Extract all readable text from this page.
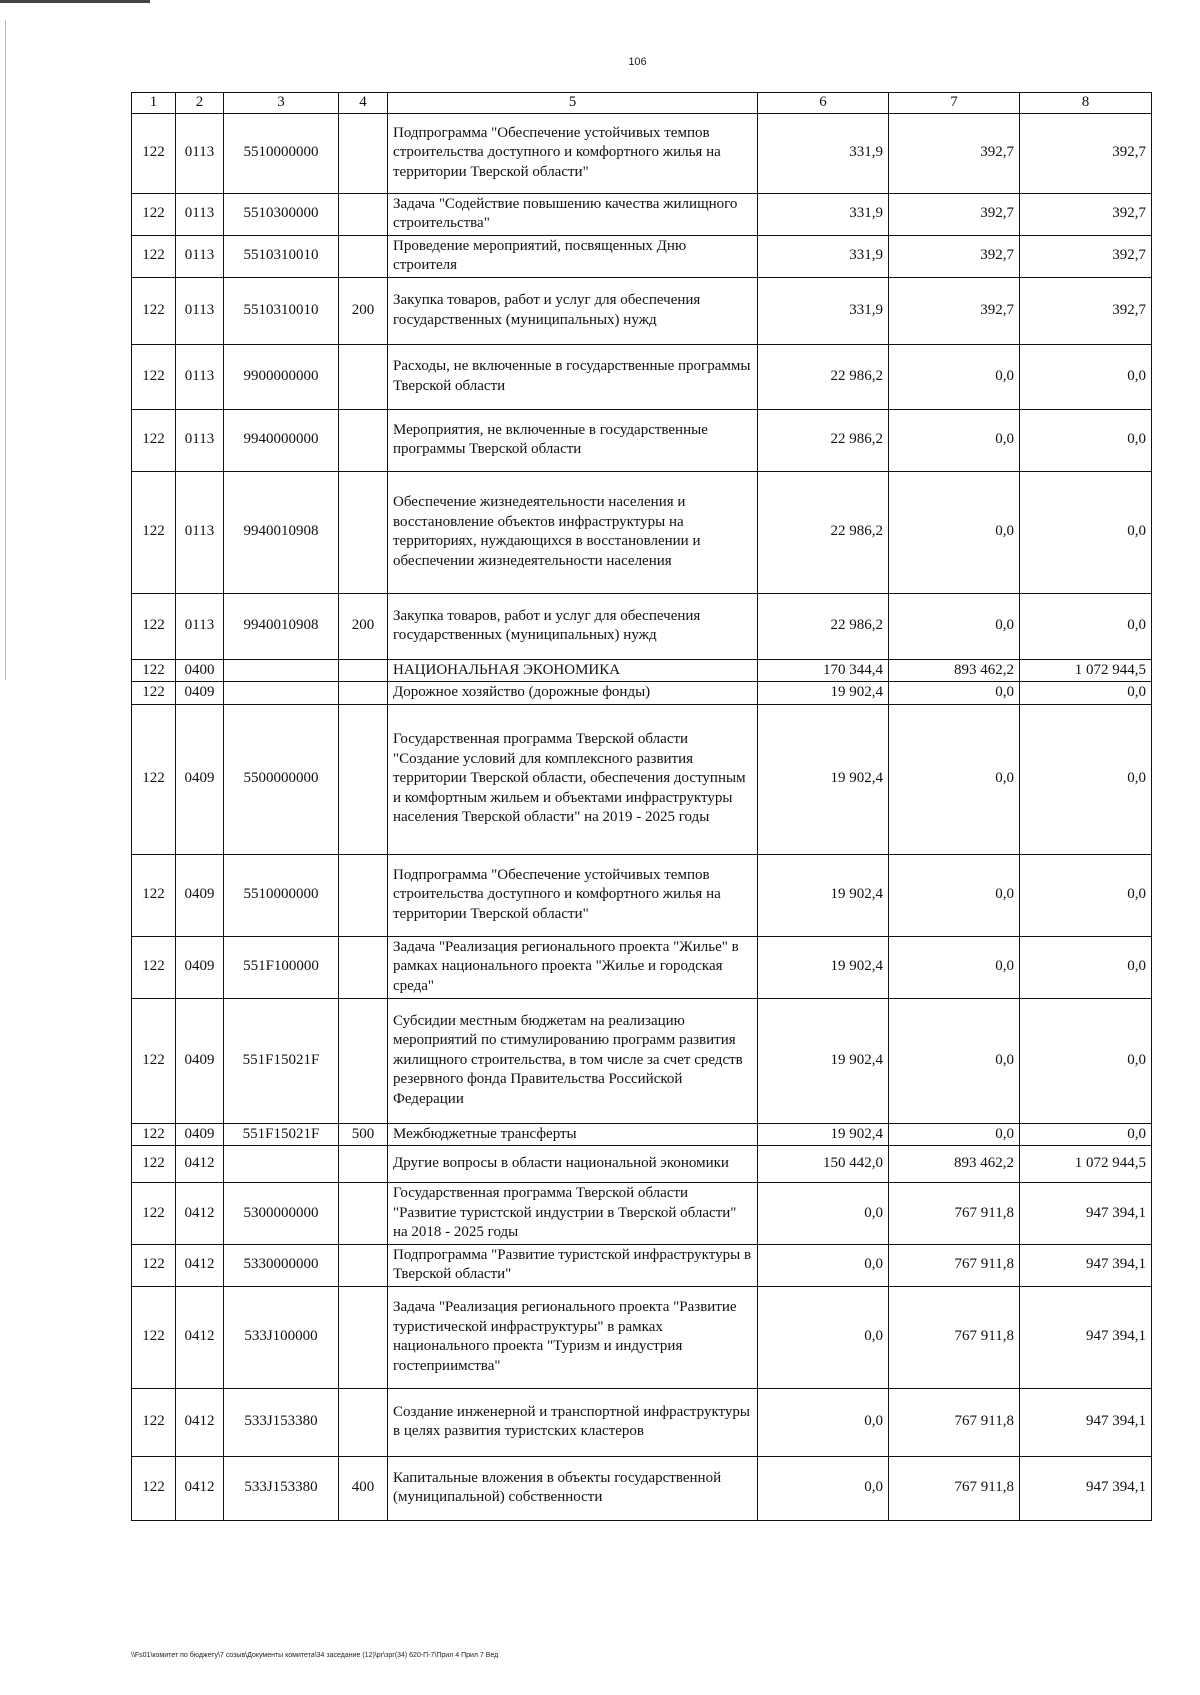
106
1	2	3	4	5	6	7	8
122	0113	5510000000		Подпрограмма "Обеспечение устойчивых темпов строительства доступного и комфортного жилья на территории Тверской области"	331,9	392,7	392,7
122	0113	5510300000		Задача "Содействие повышению качества жилищного строительства"	331,9	392,7	392,7
122	0113	5510310010		Проведение мероприятий, посвященных Дню строителя	331,9	392,7	392,7
122	0113	5510310010	200	Закупка товаров, работ и услуг для обеспечения государственных (муниципальных) нужд	331,9	392,7	392,7
122	0113	9900000000		Расходы, не включенные в государственные программы Тверской области	22 986,2	0,0	0,0
122	0113	9940000000		Мероприятия, не включенные в государственные программы Тверской области	22 986,2	0,0	0,0
122	0113	9940010908		Обеспечение жизнедеятельности населения и восстановление объектов инфраструктуры на территориях, нуждающихся в восстановлении и обеспечении жизнедеятельности населения	22 986,2	0,0	0,0
122	0113	9940010908	200	Закупка товаров, работ и услуг для обеспечения государственных (муниципальных) нужд	22 986,2	0,0	0,0
122	0400			НАЦИОНАЛЬНАЯ ЭКОНОМИКА	170 344,4	893 462,2	1 072 944,5
122	0409			Дорожное хозяйство (дорожные фонды)	19 902,4	0,0	0,0
122	0409	5500000000		Государственная программа Тверской области "Создание условий для комплексного развития территории Тверской области, обеспечения доступным и комфортным жильем и объектами инфраструктуры населения Тверской области" на 2019 - 2025 годы	19 902,4	0,0	0,0
122	0409	5510000000		Подпрограмма "Обеспечение устойчивых темпов строительства доступного и комфортного жилья на территории Тверской области"	19 902,4	0,0	0,0
122	0409	551F100000		Задача "Реализация регионального проекта "Жилье" в рамках национального проекта "Жилье и городская среда"	19 902,4	0,0	0,0
122	0409	551F15021F		Субсидии местным бюджетам на реализацию мероприятий по стимулированию программ развития жилищного строительства, в том числе за счет средств резервного фонда Правительства Российской Федерации	19 902,4	0,0	0,0
122	0409	551F15021F	500	Межбюджетные трансферты	19 902,4	0,0	0,0
122	0412			Другие вопросы в области национальной экономики	150 442,0	893 462,2	1 072 944,5
122	0412	5300000000		Государственная программа Тверской области "Развитие туристской индустрии в Тверской области" на 2018 - 2025 годы	0,0	767 911,8	947 394,1
122	0412	5330000000		Подпрограмма "Развитие туристской инфраструктуры в Тверской области"	0,0	767 911,8	947 394,1
122	0412	533J100000		Задача "Реализация регионального проекта "Развитие туристической инфраструктуры" в рамках национального проекта "Туризм и индустрия гостеприимства"	0,0	767 911,8	947 394,1
122	0412	533J153380		Создание инженерной и транспортной инфраструктуры в целях развития туристских кластеров	0,0	767 911,8	947 394,1
122	0412	533J153380	400	Капитальные вложения в объекты государственной (муниципальной) собственности	0,0	767 911,8	947 394,1
\\Fs01\комитет по бюджету\7 созыв\Документы комитета\34 заседание (12)\рг\зрг(34) 620-П-7\Прил 4 Прил 7 Вед
